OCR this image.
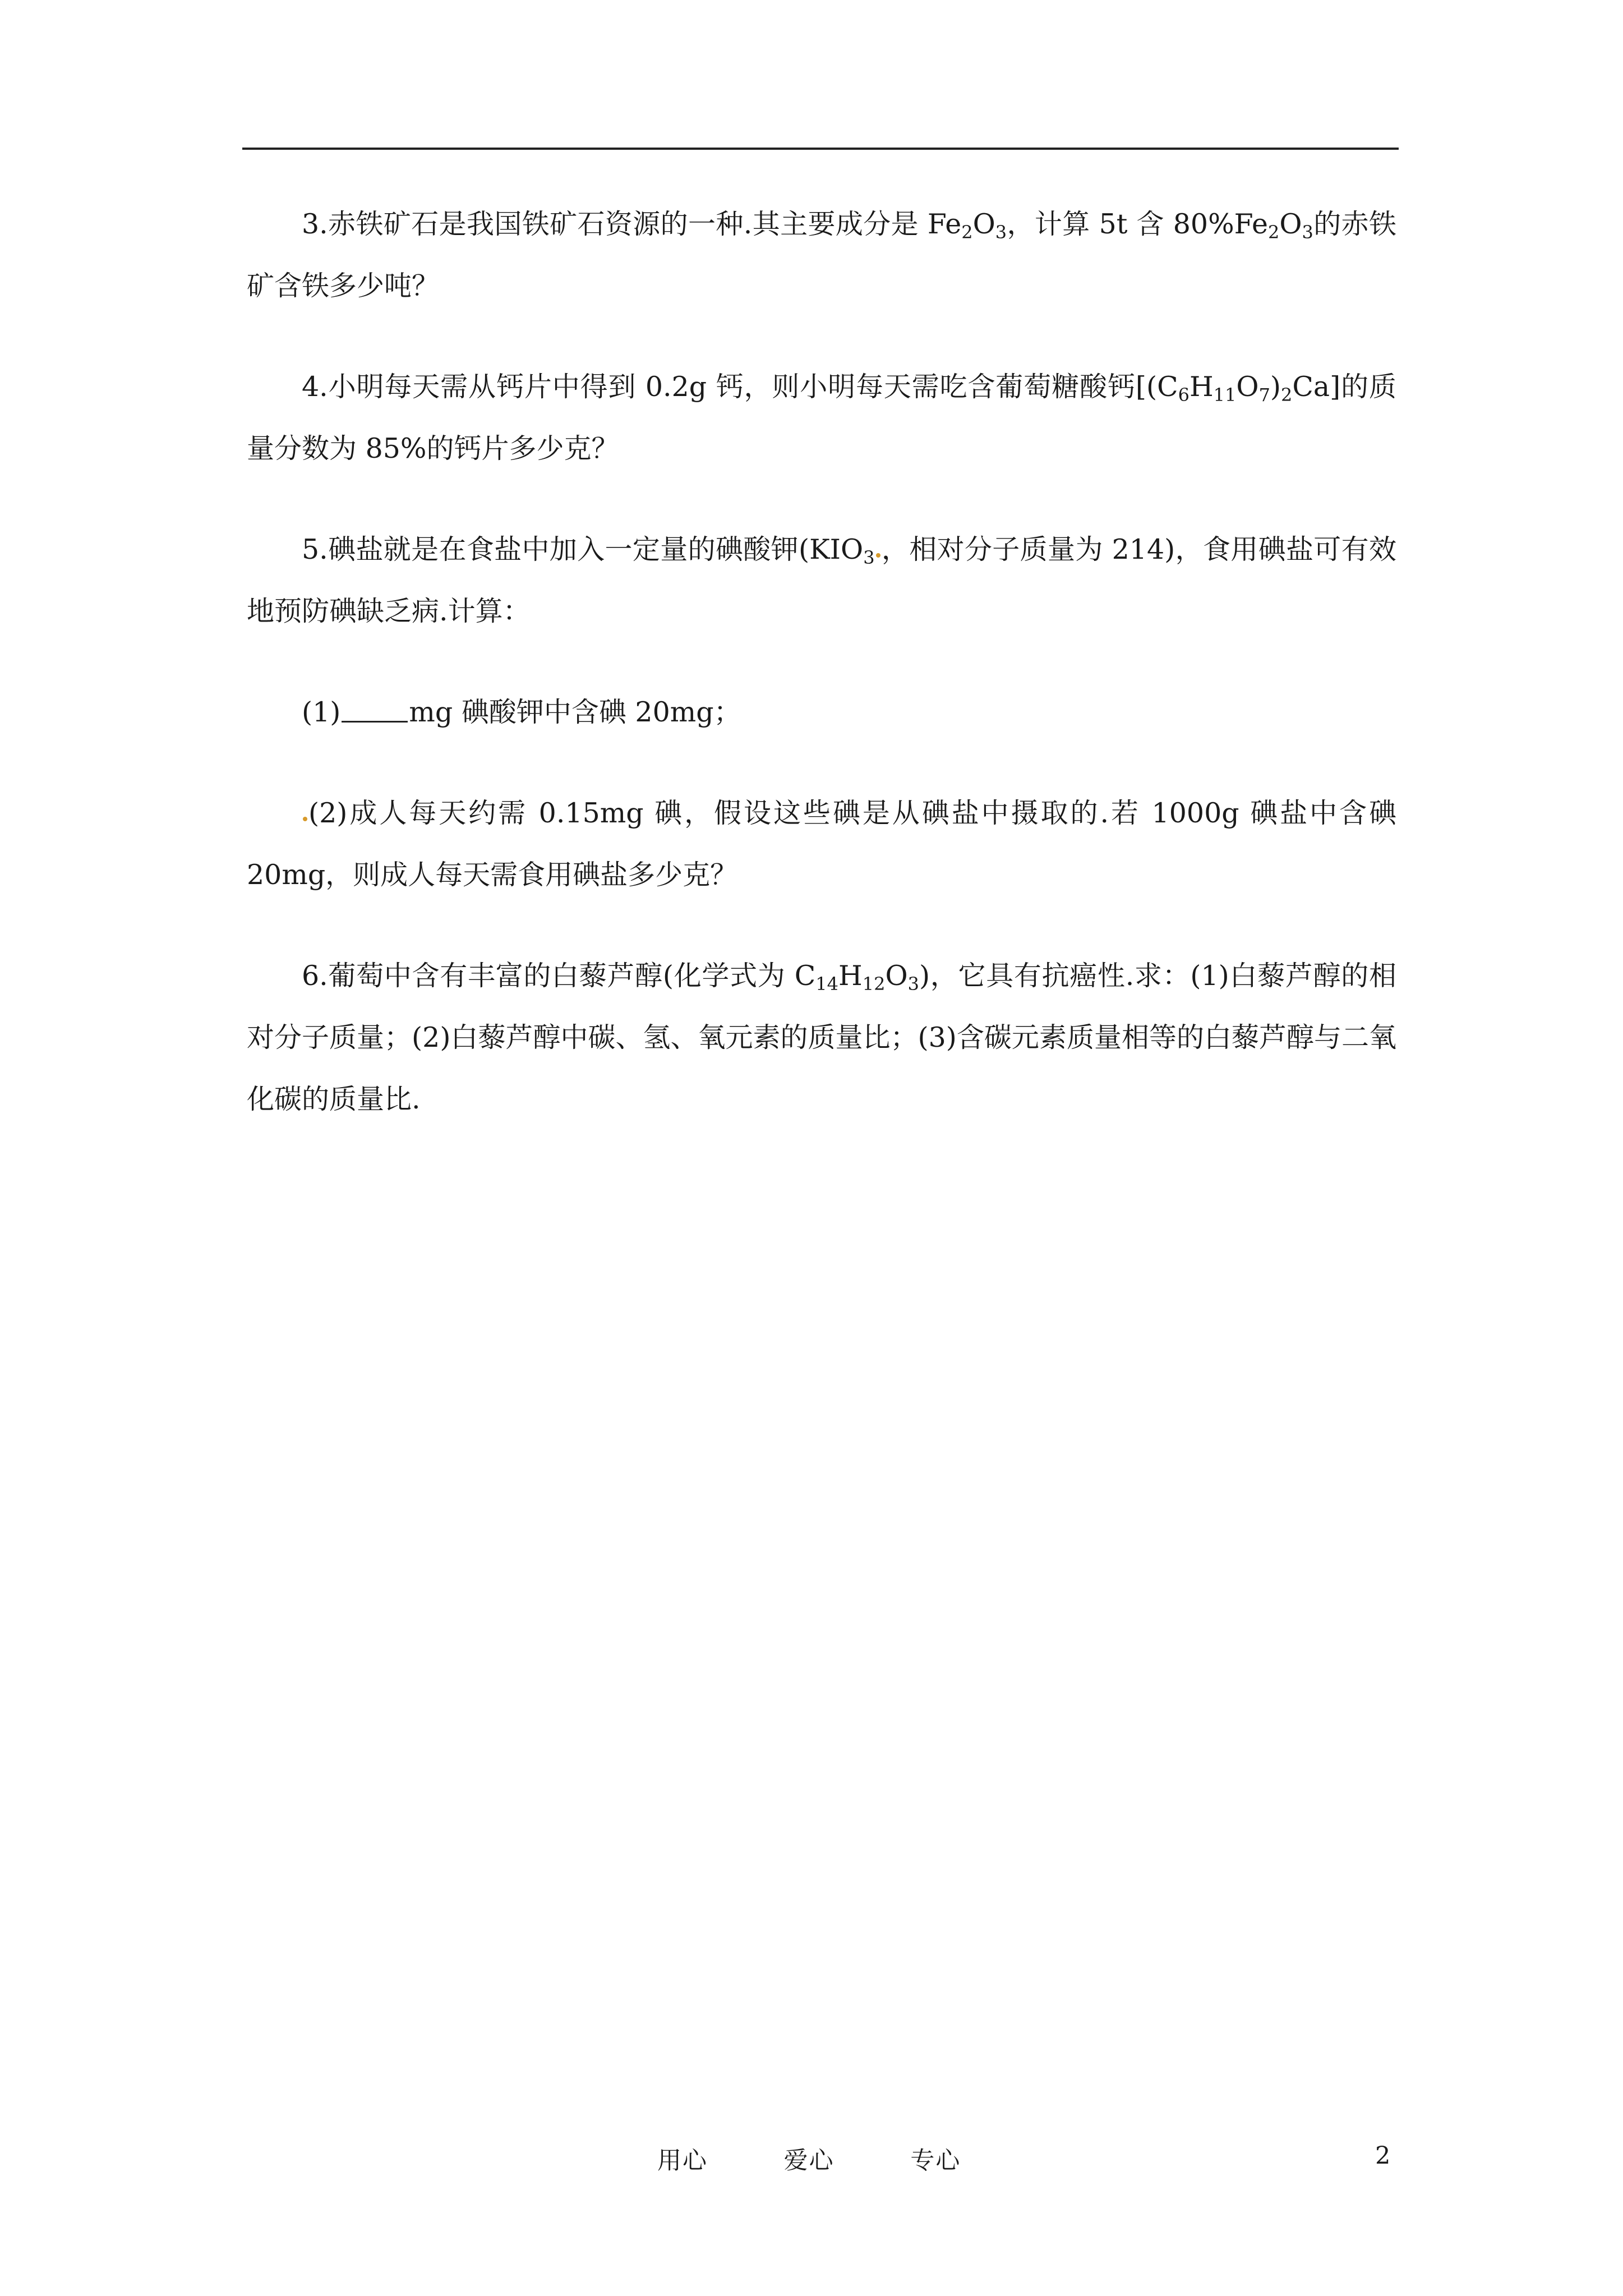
3.赤铁矿石是我国铁矿石资源的一种.其主要成分是 $Fe_2O_3$，计算 5t 含 $80\%Fe_2O_3$的赤铁矿含铁多少吨？

4.小明每天需从钙片中得到 0.2g 钙，则小明每天需吃含葡萄糖酸钙$[(C_6H_{11}O_7)_2Ca]$的质量分数为 85%的钙片多少克？

5.碘盐就是在食盐中加入一定量的碘酸钾($KIO_3$ ，相对分子质量为 214)，食用碘盐可有效地预防碘缺乏病.计算：

(1) mg 碘酸钾中含碘 20mg；

(2)成人每天约需 0.15mg 碘，假设这些碘是从碘盐中摄取的.若 1000g 碘盐中含碘 20mg，则成人每天需食用碘盐多少克？

6.葡萄中含有丰富的白藜芦醇(化学式为 $C_{14}H_{12}O_3$)，它具有抗癌性.求：(1)白藜芦醇的相对分子质量；(2)白藜芦醇中碳、氢、氧元素的质量比；(3)含碳元素质量相等的白藜芦醇与二氧化碳的质量比.

用心	爱心	专心	2
